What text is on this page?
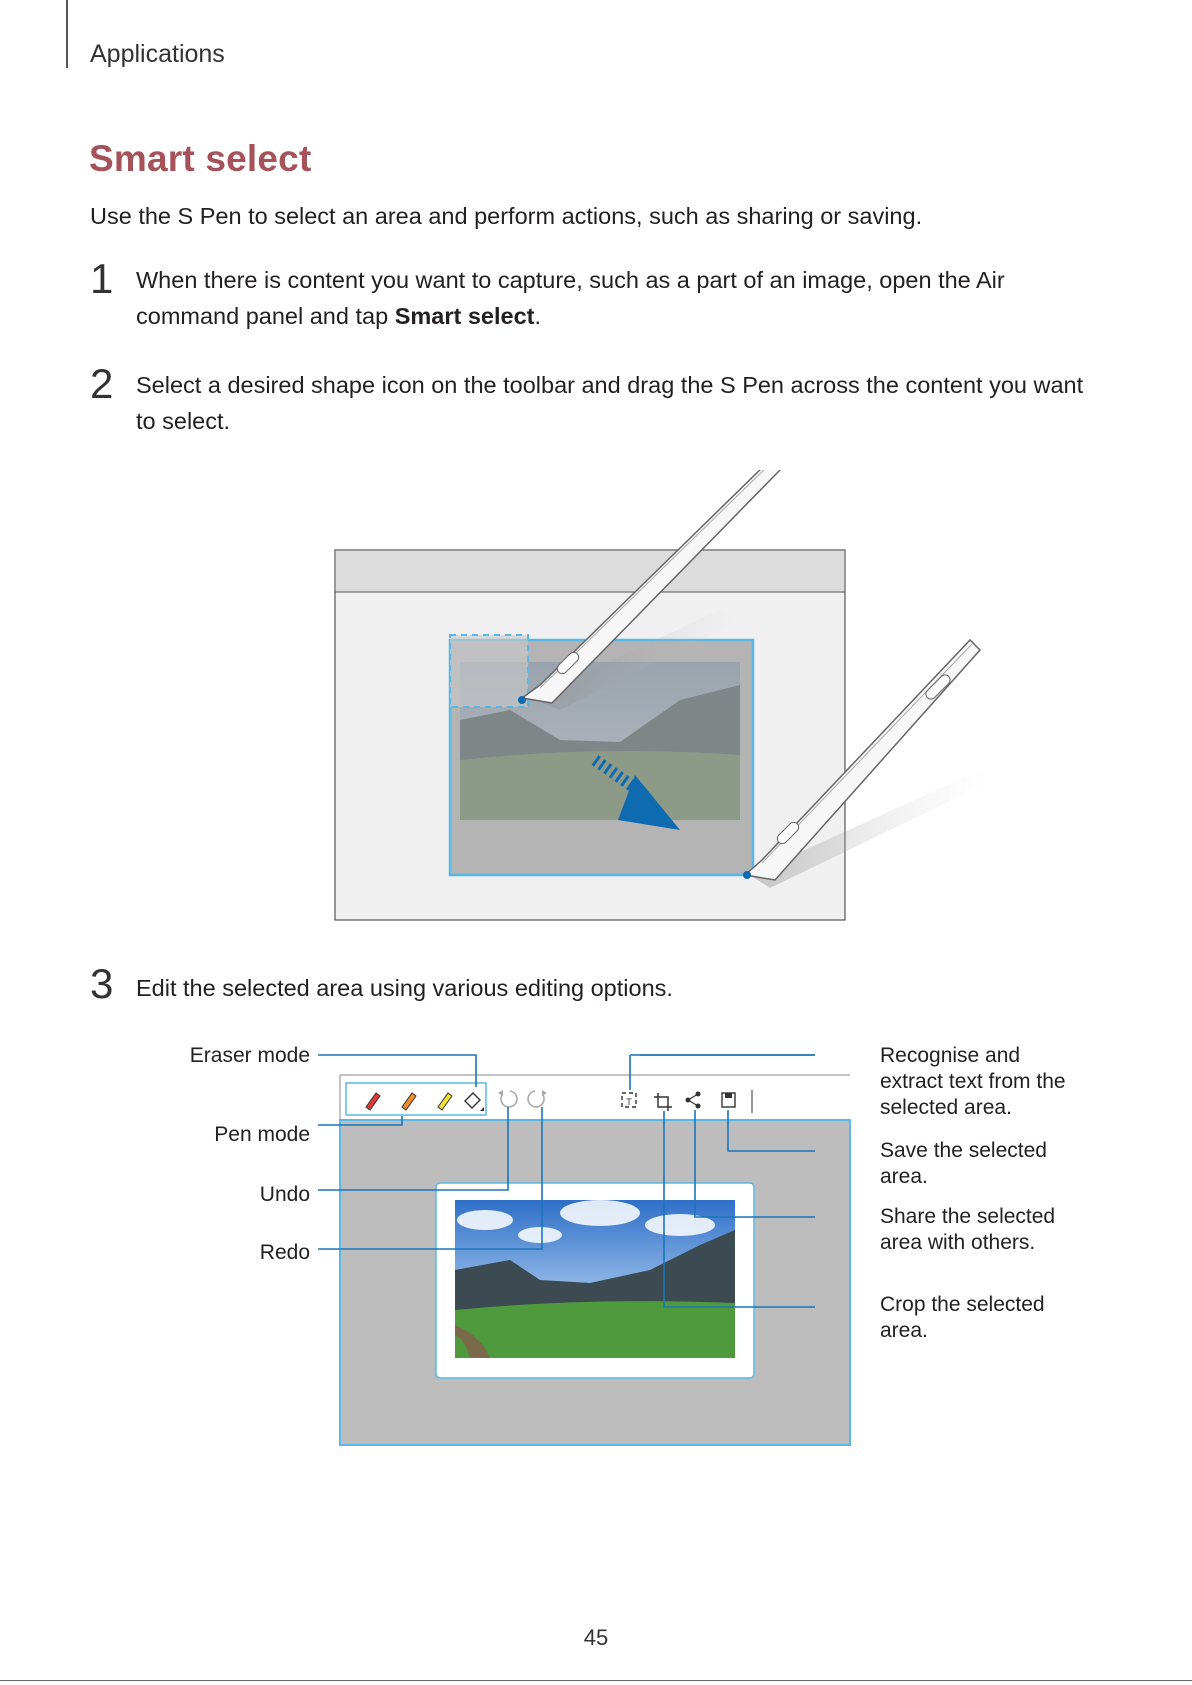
Applications
Smart select
Use the S Pen to select an area and perform actions, such as sharing or saving.
1 When there is content you want to capture, such as a part of an image, open the Air command panel and tap Smart select.
2 Select a desired shape icon on the toolbar and drag the S Pen across the content you want to select.
3 Edit the selected area using various editing options.
T
Eraser mode
Pen mode
Undo
Redo
Recognise and extract text from the selected area.
Save the selected area.
Share the selected area with others.
Crop the selected area.
45
